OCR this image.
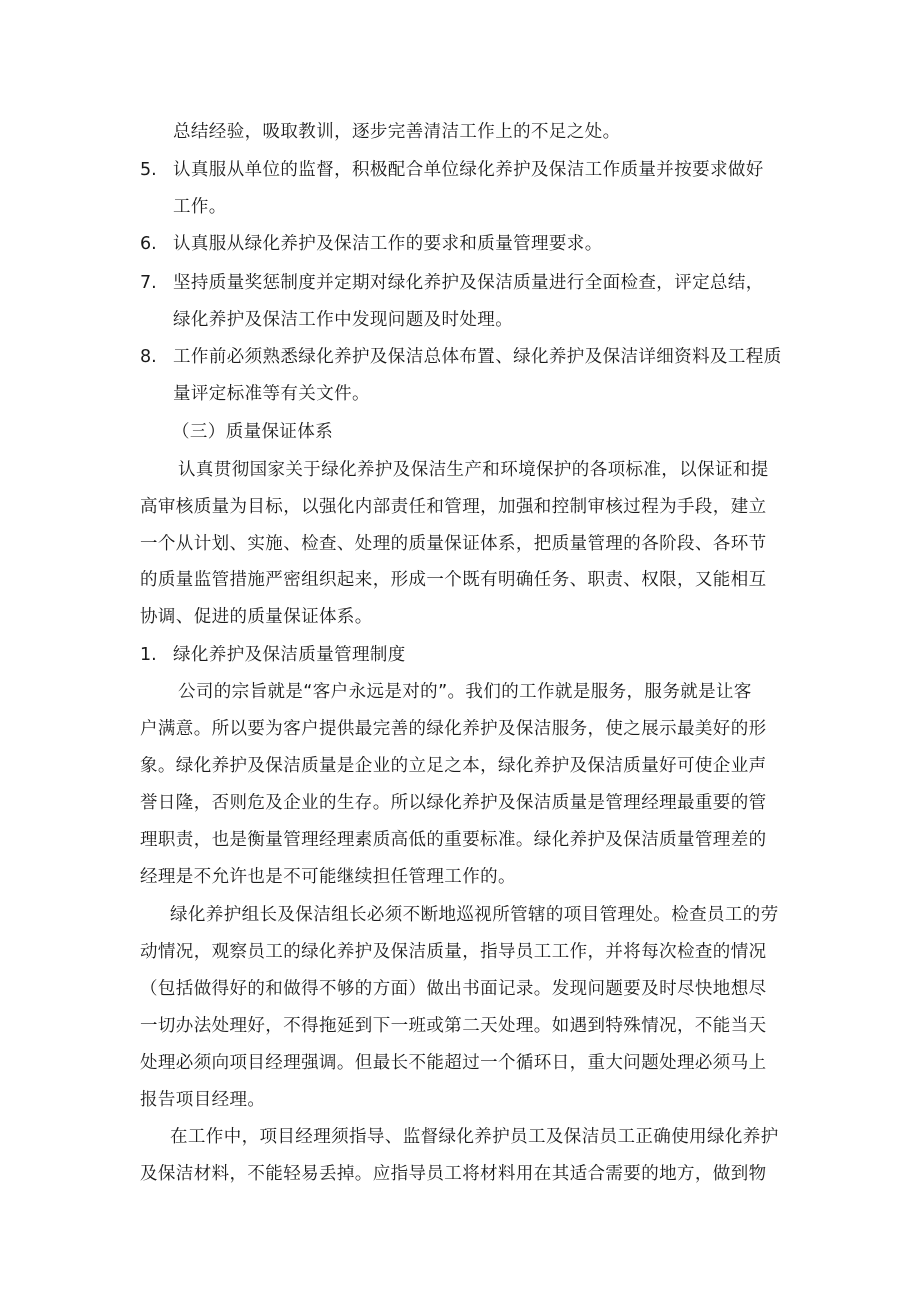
总结经验，吸取教训，逐步完善清洁工作上的不足之处。
5. 认真服从单位的监督，积极配合单位绿化养护及保洁工作质量并按要求做好
工作。
6. 认真服从绿化养护及保洁工作的要求和质量管理要求。
7. 坚持质量奖惩制度并定期对绿化养护及保洁质量进行全面检查，评定总结，
绿化养护及保洁工作中发现问题及时处理。
8. 工作前必须熟悉绿化养护及保洁总体布置、绿化养护及保洁详细资料及工程质
量评定标准等有关文件。
（三）质量保证体系
认真贯彻国家关于绿化养护及保洁生产和环境保护的各项标准，以保证和提
高审核质量为目标，以强化内部责任和管理，加强和控制审核过程为手段，建立
一个从计划、实施、检查、处理的质量保证体系，把质量管理的各阶段、各环节
的质量监管措施严密组织起来，形成一个既有明确任务、职责、权限，又能相互
协调、促进的质量保证体系。
1. 绿化养护及保洁质量管理制度
公司的宗旨就是“客户永远是对的”。我们的工作就是服务，服务就是让客
户满意。所以要为客户提供最完善的绿化养护及保洁服务，使之展示最美好的形
象。绿化养护及保洁质量是企业的立足之本，绿化养护及保洁质量好可使企业声
誉日隆，否则危及企业的生存。所以绿化养护及保洁质量是管理经理最重要的管
理职责，也是衡量管理经理素质高低的重要标准。绿化养护及保洁质量管理差的
经理是不允许也是不可能继续担任管理工作的。
绿化养护组长及保洁组长必须不断地巡视所管辖的项目管理处。检查员工的劳
动情况，观察员工的绿化养护及保洁质量，指导员工工作，并将每次检查的情况
（包括做得好的和做得不够的方面）做出书面记录。发现问题要及时尽快地想尽
一切办法处理好，不得拖延到下一班或第二天处理。如遇到特殊情况，不能当天
处理必须向项目经理强调。但最长不能超过一个循环日，重大问题处理必须马上
报告项目经理。
在工作中，项目经理须指导、监督绿化养护员工及保洁员工正确使用绿化养护
及保洁材料，不能轻易丢掉。应指导员工将材料用在其适合需要的地方，做到物
